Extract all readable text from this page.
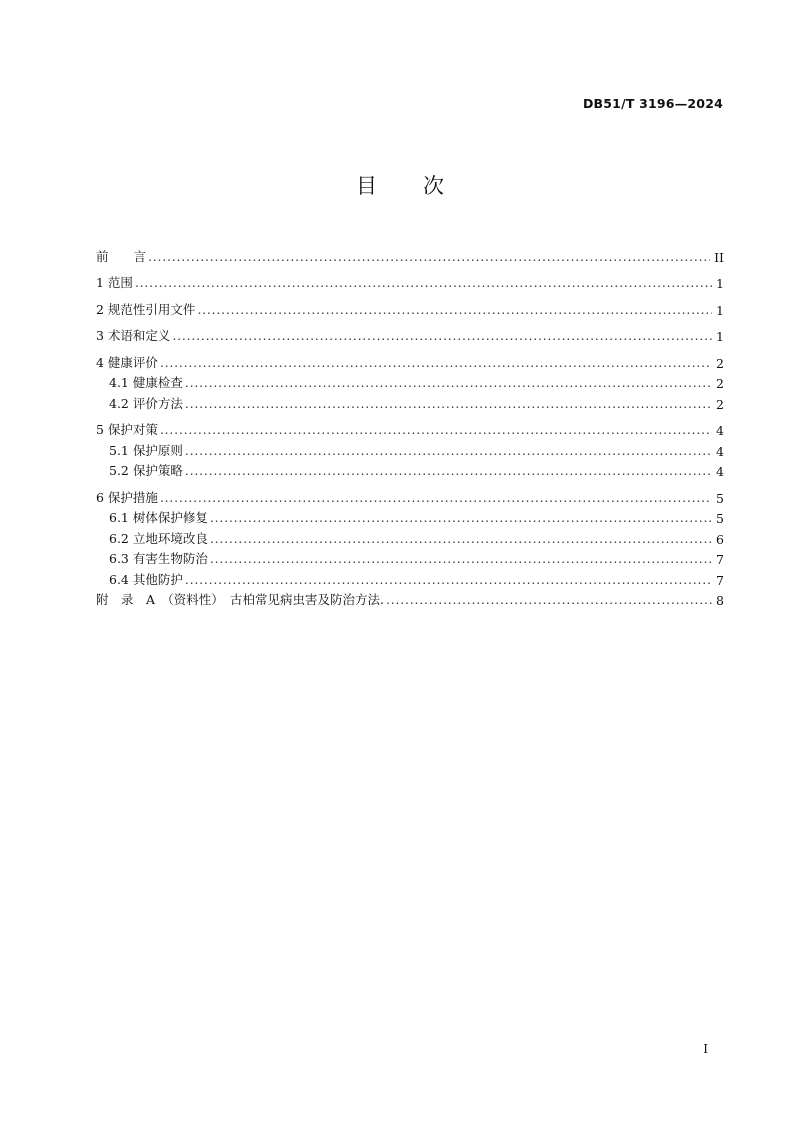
DB51/T 3196—2024
目 次
前　　言 . . .	II
1 范围 . . .	1
2 规范性引用文件 . . .	1
3 术语和定义 . . .	1
4 健康评价 . . .	2
4.1 健康检查 . . .	2
4.2 评价方法 . . .	2
5 保护对策 . . .	4
5.1 保护原则 . . .	4
5.2 保护策略 . . .	4
6 保护措施 . . .	5
6.1 树体保护修复 . . .	5
6.2 立地环境改良 . . .	6
6.3 有害生物防治 . . .	7
6.4 其他防护 . . .	7
附　录　A　（资料性）　古柏常见病虫害及防治方法. . . .	8
I
